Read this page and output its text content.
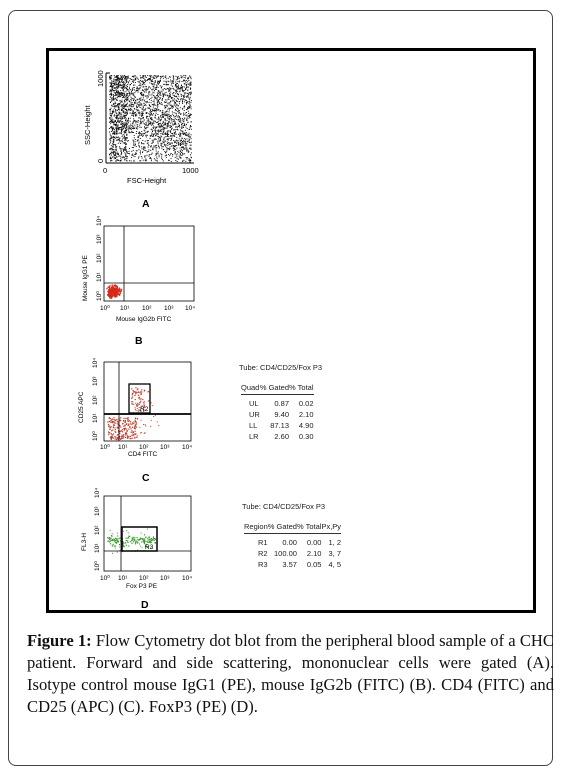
SSC-Height
0
1000
0	1000
FSC-Height
A
Mouse IgG1 PE 10⁰
10¹
10²
10³
10⁴
10⁰ 10¹ 10² 10³ 10⁴
Mouse IgG2b FITC
B
R2
CD25 APC
10⁰
10¹
10²
10³
10⁴
10⁰ 10¹ 10² 10³ 10⁴
CD4 FITC
C
R3
FL3-H
10⁰
10¹
10²
10³
10⁴
10⁰ 10¹ 10² 10³ 10⁴
Fox P3 PE
D
Tube: CD4/CD25/Fox P3
Quad	% Gated	% Total
UL	0.87	0.02
UR	9.40	2.10
LL	87.13	4.90
LR	2.60	0.30
Tube: CD4/CD25/Fox P3
Region	% Gated	% Total	Px,Py
R1	0.00	0.00	1, 2
R2	100.00	2.10	3, 7
R3	3.57	0.05	4, 5
Figure 1: Flow Cytometry dot blot from the peripheral blood sample of a CHC patient. Forward and side scattering, mononuclear cells were gated (A). Isotype control mouse IgG1 (PE), mouse IgG2b (FITC) (B). CD4 (FITC) and CD25 (APC) (C). FoxP3 (PE) (D).
